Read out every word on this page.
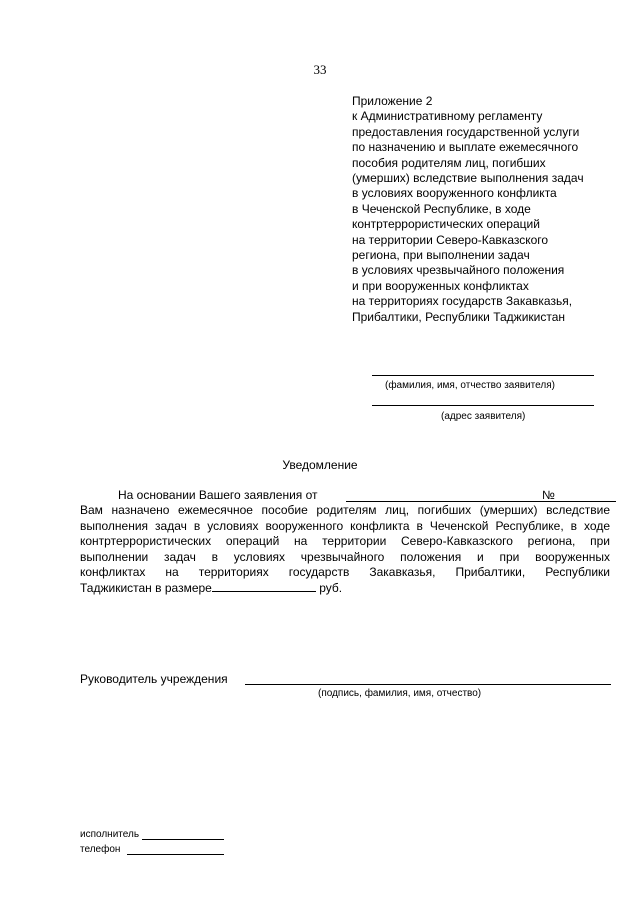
33
Приложение 2
к Административному регламенту
предоставления государственной услуги
по назначению и выплате ежемесячного
пособия родителям лиц, погибших
(умерших) вследствие выполнения задач
в условиях вооруженного конфликта
в Чеченской Республике, в ходе
контртеррористических операций
на территории Северо-Кавказского
региона, при выполнении задач
в условиях чрезвычайного положения
и при вооруженных конфликтах
на территориях государств Закавказья,
Прибалтики, Республики Таджикистан
(фамилия, имя, отчество заявителя)
(адрес заявителя)
Уведомление
На основании Вашего заявления от	№
Вам назначено ежемесячное пособие родителям лиц, погибших (умерших) вследствие
выполнения задач в условиях вооруженного конфликта в Чеченской Республике, в ходе
контртеррористических операций на территории Северо-Кавказского региона, при
выполнении задач в условиях чрезвычайного положения и при вооруженных
конфликтах на территориях государств Закавказья, Прибалтики, Республики
Таджикистан в размере	руб.
Руководитель учреждения
(подпись, фамилия, имя, отчество)
исполнитель
телефон
